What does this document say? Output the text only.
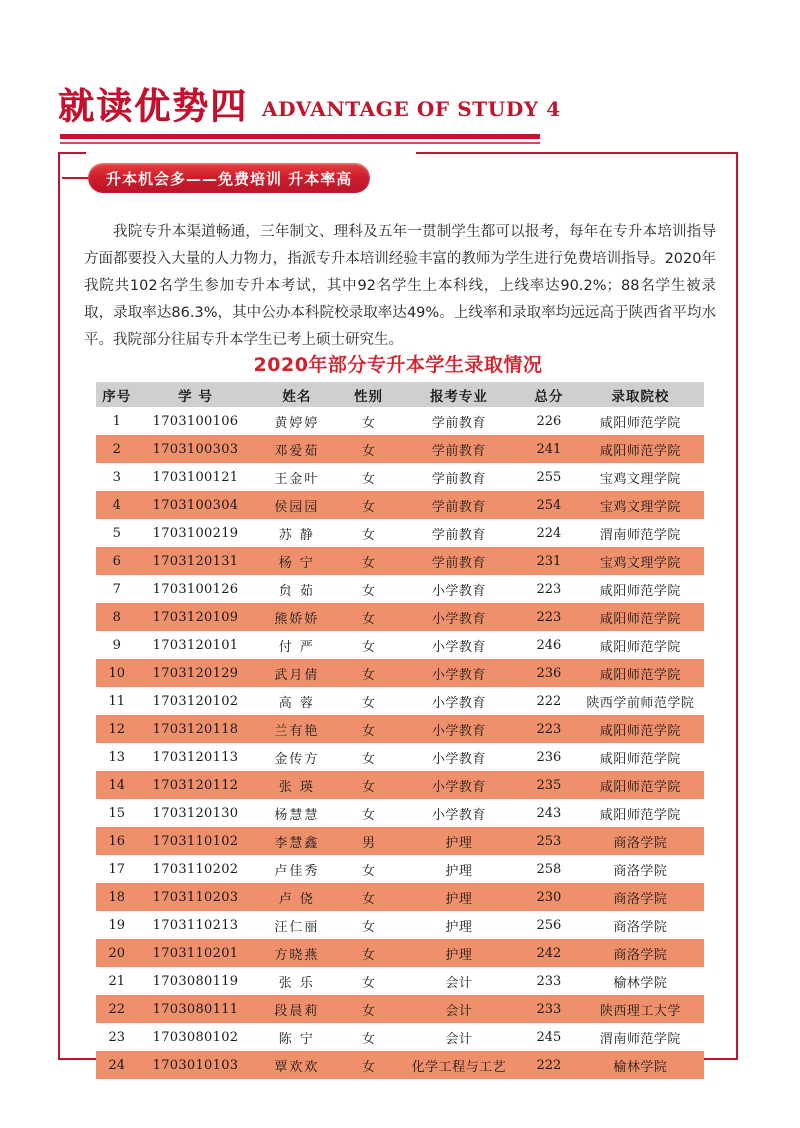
就读优势四 ADVANTAGE OF STUDY 4
升本机会多——免费培训 升本率高

我院专升本渠道畅通，三年制文、理科及五年一贯制学生都可以报考，每年在专升本培训指导方面都要投入大量的人力物力，指派专升本培训经验丰富的教师为学生进行免费培训指导。2020年我院共102名学生参加专升本考试，其中92名学生上本科线，上线率达90.2%；88名学生被录取，录取率达86.3%，其中公办本科院校录取率达49%。上线率和录取率均远远高于陕西省平均水平。我院部分往届专升本学生已考上硕士研究生。

2020年部分专升本学生录取情况
序号	学 号	姓名	性别	报考专业	总分	录取院校
1	1703100106	黄婷婷	女	学前教育	226	咸阳师范学院
2	1703100303	邓爱茹	女	学前教育	241	咸阳师范学院
3	1703100121	王金叶	女	学前教育	255	宝鸡文理学院
4	1703100304	侯园园	女	学前教育	254	宝鸡文理学院
5	1703100219	苏 静	女	学前教育	224	渭南师范学院
6	1703120131	杨 宁	女	学前教育	231	宝鸡文理学院
7	1703100126	贠 茹	女	小学教育	223	咸阳师范学院
8	1703120109	熊娇娇	女	小学教育	223	咸阳师范学院
9	1703120101	付 严	女	小学教育	246	咸阳师范学院
10	1703120129	武月倩	女	小学教育	236	咸阳师范学院
11	1703120102	高 蓉	女	小学教育	222	陕西学前师范学院
12	1703120118	兰有艳	女	小学教育	223	咸阳师范学院
13	1703120113	金传方	女	小学教育	236	咸阳师范学院
14	1703120112	张 瑛	女	小学教育	235	咸阳师范学院
15	1703120130	杨慧慧	女	小学教育	243	咸阳师范学院
16	1703110102	李慧鑫	男	护理	253	商洛学院
17	1703110202	卢佳秀	女	护理	258	商洛学院
18	1703110203	卢 侥	女	护理	230	商洛学院
19	1703110213	汪仁丽	女	护理	256	商洛学院
20	1703110201	方晓燕	女	护理	242	商洛学院
21	1703080119	张 乐	女	会计	233	榆林学院
22	1703080111	段晨莉	女	会计	233	陕西理工大学
23	1703080102	陈 宁	女	会计	245	渭南师范学院
24	1703010103	覃欢欢	女	化学工程与工艺	222	榆林学院
